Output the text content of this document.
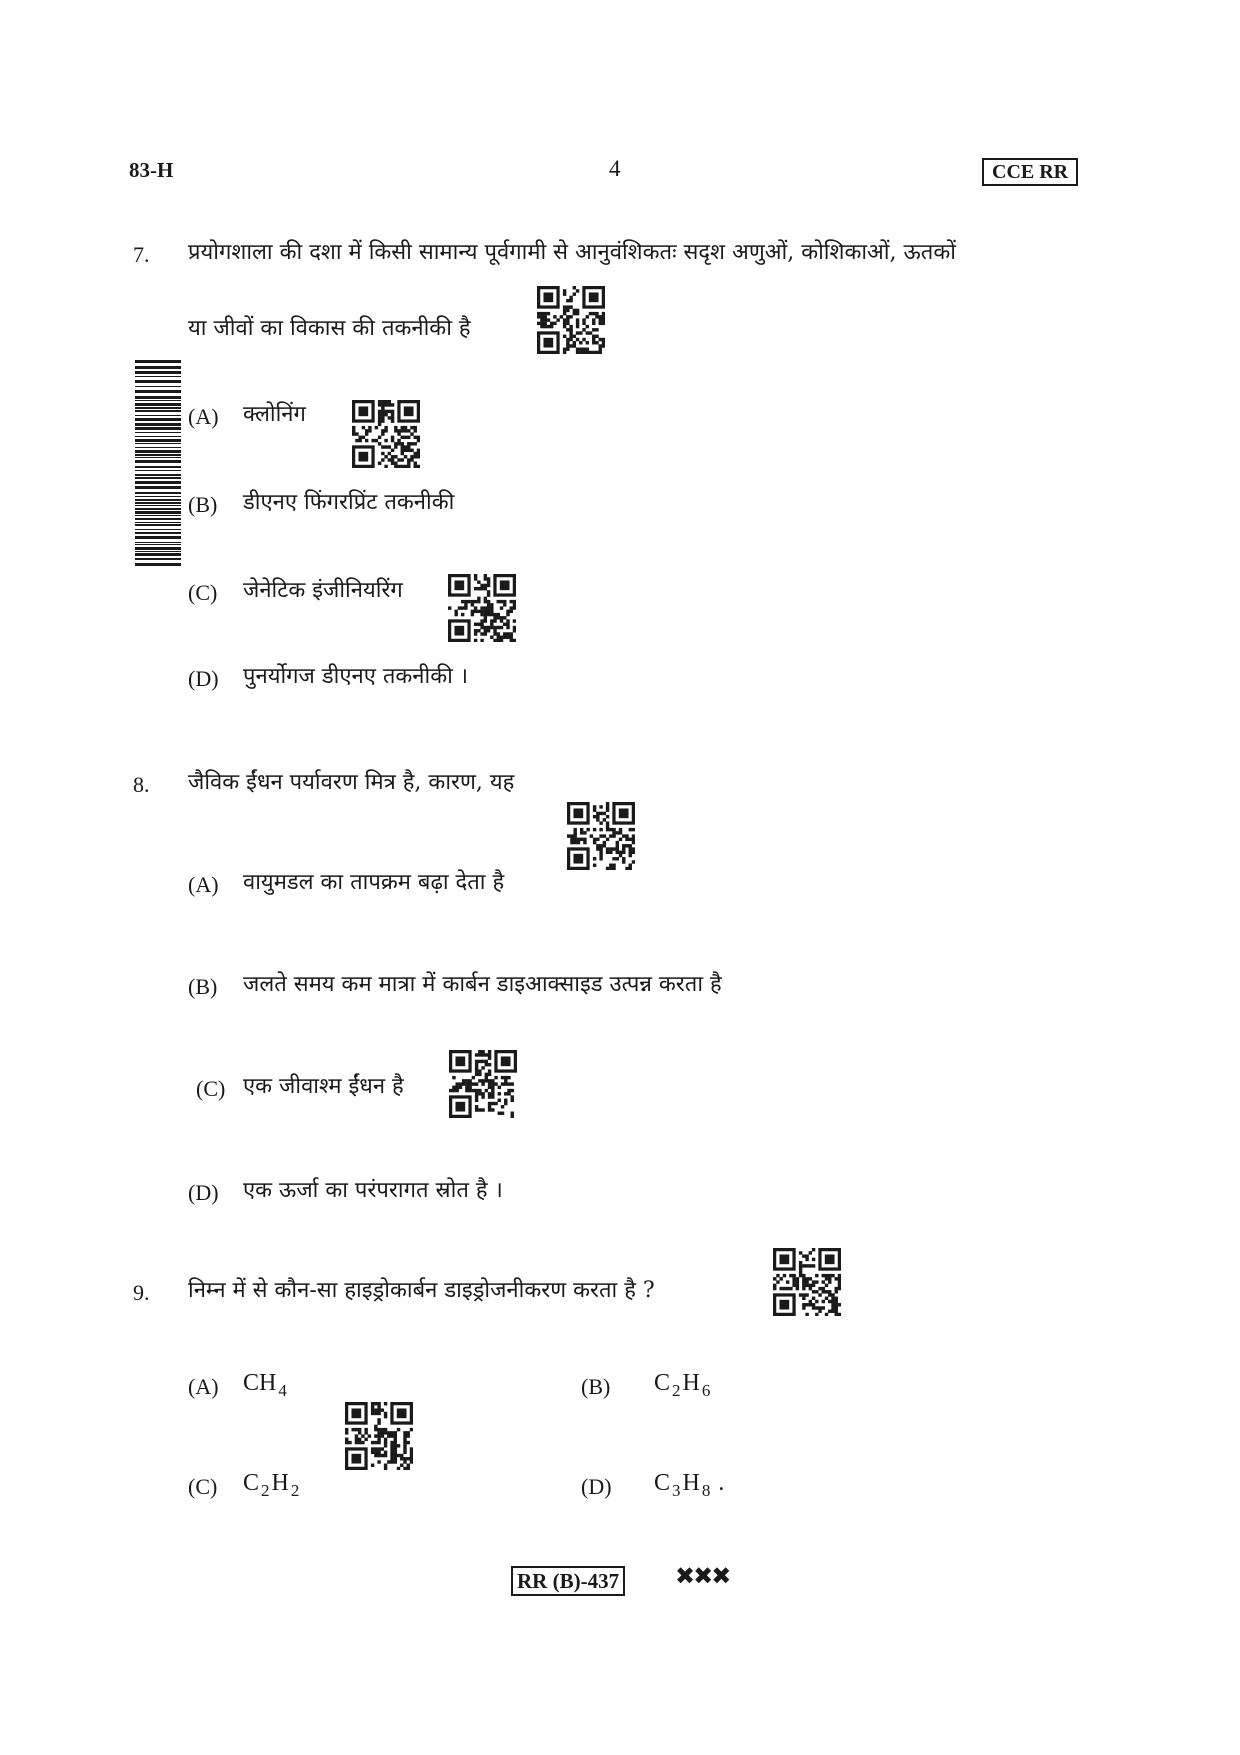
83-H	4	CCE RR
7. प्रयोगशाला की दशा में किसी सामान्य पूर्वगामी से आनुवंशिकतः सदृश अणुओं, कोशिकाओं, ऊतकों
या जीवों का विकास की तकनीकी है
(A) क्लोनिंग
(B) डीएनए फिंगरप्रिंट तकनीकी
(C) जेनेटिक इंजीनियरिंग
(D) पुनर्योगज डीएनए तकनीकी ।
8. जैविक ईंधन पर्यावरण मित्र है, कारण, यह
(A) वायुमडल का तापक्रम बढ़ा देता है
(B) जलते समय कम मात्रा में कार्बन डाइआक्साइड उत्पन्न करता है
(C) एक जीवाश्म ईंधन है
(D) एक ऊर्जा का परंपरागत स्रोत है ।
9. निम्न में से कौन-सा हाइड्रोकार्बन डाइड्रोजनीकरण करता है ?
(A) CH $_4$	(B) C $_2$H $_6$
(C) C $_2$H $_2$	(D) C $_3$H $_8$ .
RR (B)-437 ✖✖✖
